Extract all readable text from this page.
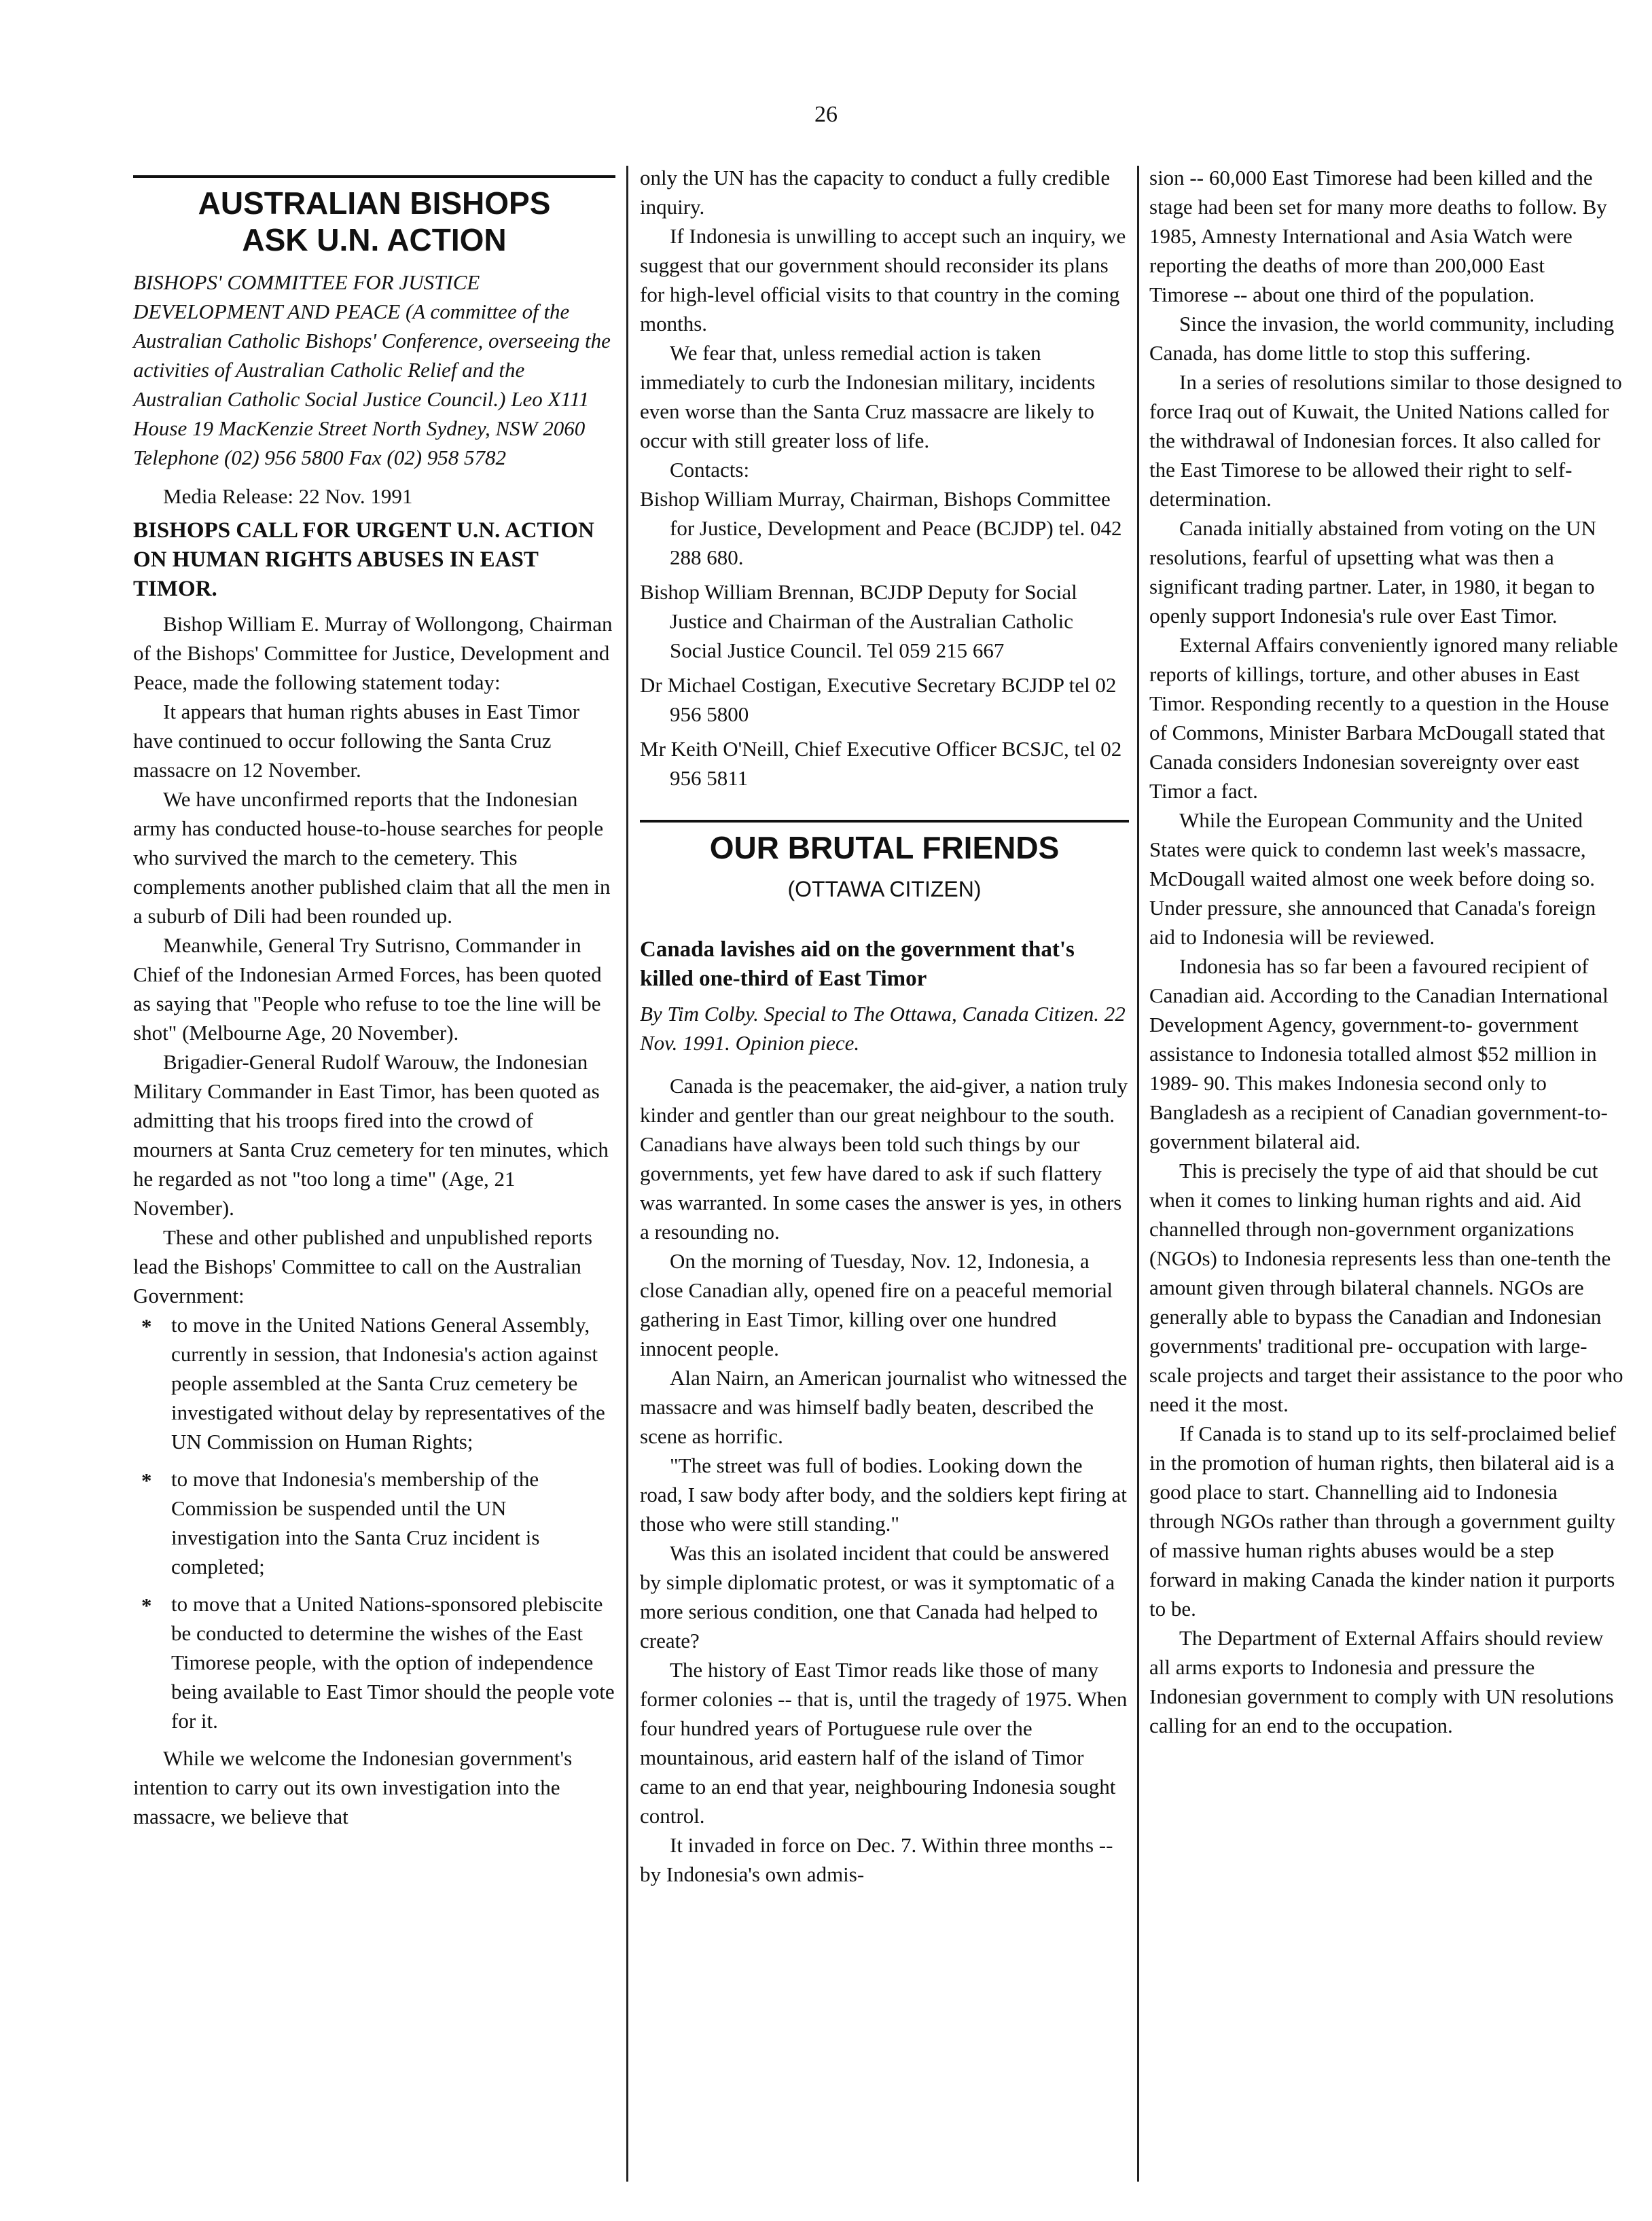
26
AUSTRALIAN BISHOPS
ASK U.N. ACTION

BISHOPS' COMMITTEE FOR JUSTICE DEVELOPMENT AND PEACE (A committee of the Australian Catholic Bishops' Conference, overseeing the activities of Australian Catholic Relief and the Australian Catholic Social Justice Council.) Leo X111 House 19 MacKenzie Street North Sydney, NSW 2060 Telephone (02) 956 5800 Fax (02) 958 5782

Media Release: 22 Nov. 1991

BISHOPS CALL FOR URGENT U.N. ACTION ON HUMAN RIGHTS ABUSES IN EAST TIMOR.

Bishop William E. Murray of Wollongong, Chairman of the Bishops' Committee for Justice, Development and Peace, made the following statement today:

It appears that human rights abuses in East Timor have continued to occur following the Santa Cruz massacre on 12 November.

We have unconfirmed reports that the Indonesian army has conducted house-to-house searches for people who survived the march to the cemetery. This complements another published claim that all the men in a suburb of Dili had been rounded up.

Meanwhile, General Try Sutrisno, Commander in Chief of the Indonesian Armed Forces, has been quoted as saying that "People who refuse to toe the line will be shot" (Melbourne Age, 20 November).

Brigadier-General Rudolf Warouw, the Indonesian Military Commander in East Timor, has been quoted as admitting that his troops fired into the crowd of mourners at Santa Cruz cemetery for ten minutes, which he regarded as not "too long a time" (Age, 21 November).

These and other published and unpublished reports lead the Bishops' Committee to call on the Australian Government:

* to move in the United Nations General Assembly, currently in session, that Indonesia's action against people assembled at the Santa Cruz cemetery be investigated without delay by representatives of the UN Commission on Human Rights;
* to move that Indonesia's membership of the Commission be suspended until the UN investigation into the Santa Cruz incident is completed;
* to move that a United Nations-sponsored plebiscite be conducted to determine the wishes of the East Timorese people, with the option of independence being available to East Timor should the people vote for it.

While we welcome the Indonesian government's intention to carry out its own investigation into the massacre, we believe that

only the UN has the capacity to conduct a fully credible inquiry.

If Indonesia is unwilling to accept such an inquiry, we suggest that our government should reconsider its plans for high-level official visits to that country in the coming months.

We fear that, unless remedial action is taken immediately to curb the Indonesian military, incidents even worse than the Santa Cruz massacre are likely to occur with still greater loss of life.

Contacts:

Bishop William Murray, Chairman, Bishops Committee for Justice, Development and Peace (BCJDP) tel. 042 288 680.

Bishop William Brennan, BCJDP Deputy for Social Justice and Chairman of the Australian Catholic Social Justice Council. Tel 059 215 667

Dr Michael Costigan, Executive Secretary BCJDP tel 02 956 5800

Mr Keith O'Neill, Chief Executive Officer BCSJC, tel 02 956 5811

OUR BRUTAL FRIENDS
(OTTAWA CITIZEN)

Canada lavishes aid on the government that's killed one-third of East Timor

By Tim Colby. Special to The Ottawa, Canada Citizen. 22 Nov. 1991. Opinion piece.

Canada is the peacemaker, the aid-giver, a nation truly kinder and gentler than our great neighbour to the south. Canadians have always been told such things by our governments, yet few have dared to ask if such flattery was warranted. In some cases the answer is yes, in others a resounding no.

On the morning of Tuesday, Nov. 12, Indonesia, a close Canadian ally, opened fire on a peaceful memorial gathering in East Timor, killing over one hundred innocent people.

Alan Nairn, an American journalist who witnessed the massacre and was himself badly beaten, described the scene as horrific.

"The street was full of bodies. Looking down the road, I saw body after body, and the soldiers kept firing at those who were still standing."

Was this an isolated incident that could be answered by simple diplomatic protest, or was it symptomatic of a more serious condition, one that Canada had helped to create?

The history of East Timor reads like those of many former colonies -- that is, until the tragedy of 1975. When four hundred years of Portuguese rule over the mountainous, arid eastern half of the island of Timor came to an end that year, neighbouring Indonesia sought control.

It invaded in force on Dec. 7. Within three months -- by Indonesia's own admis-

sion -- 60,000 East Timorese had been killed and the stage had been set for many more deaths to follow. By 1985, Amnesty International and Asia Watch were reporting the deaths of more than 200,000 East Timorese -- about one third of the population.

Since the invasion, the world community, including Canada, has dome little to stop this suffering.

In a series of resolutions similar to those designed to force Iraq out of Kuwait, the United Nations called for the withdrawal of Indonesian forces. It also called for the East Timorese to be allowed their right to self-determination.

Canada initially abstained from voting on the UN resolutions, fearful of upsetting what was then a significant trading partner. Later, in 1980, it began to openly support Indonesia's rule over East Timor.

External Affairs conveniently ignored many reliable reports of killings, torture, and other abuses in East Timor. Responding recently to a question in the House of Commons, Minister Barbara McDougall stated that Canada considers Indonesian sovereignty over east Timor a fact.

While the European Community and the United States were quick to condemn last week's massacre, McDougall waited almost one week before doing so. Under pressure, she announced that Canada's foreign aid to Indonesia will be reviewed.

Indonesia has so far been a favoured recipient of Canadian aid. According to the Canadian International Development Agency, government-to- government assistance to Indonesia totalled almost $52 million in 1989- 90. This makes Indonesia second only to Bangladesh as a recipient of Canadian government-to-government bilateral aid.

This is precisely the type of aid that should be cut when it comes to linking human rights and aid. Aid channelled through non-government organizations (NGOs) to Indonesia represents less than one-tenth the amount given through bilateral channels. NGOs are generally able to bypass the Canadian and Indonesian governments' traditional pre- occupation with large-scale projects and target their assistance to the poor who need it the most.

If Canada is to stand up to its self-proclaimed belief in the promotion of human rights, then bilateral aid is a good place to start. Channelling aid to Indonesia through NGOs rather than through a government guilty of massive human rights abuses would be a step forward in making Canada the kinder nation it purports to be.

The Department of External Affairs should review all arms exports to Indonesia and pressure the Indonesian government to comply with UN resolutions calling for an end to the occupation.
